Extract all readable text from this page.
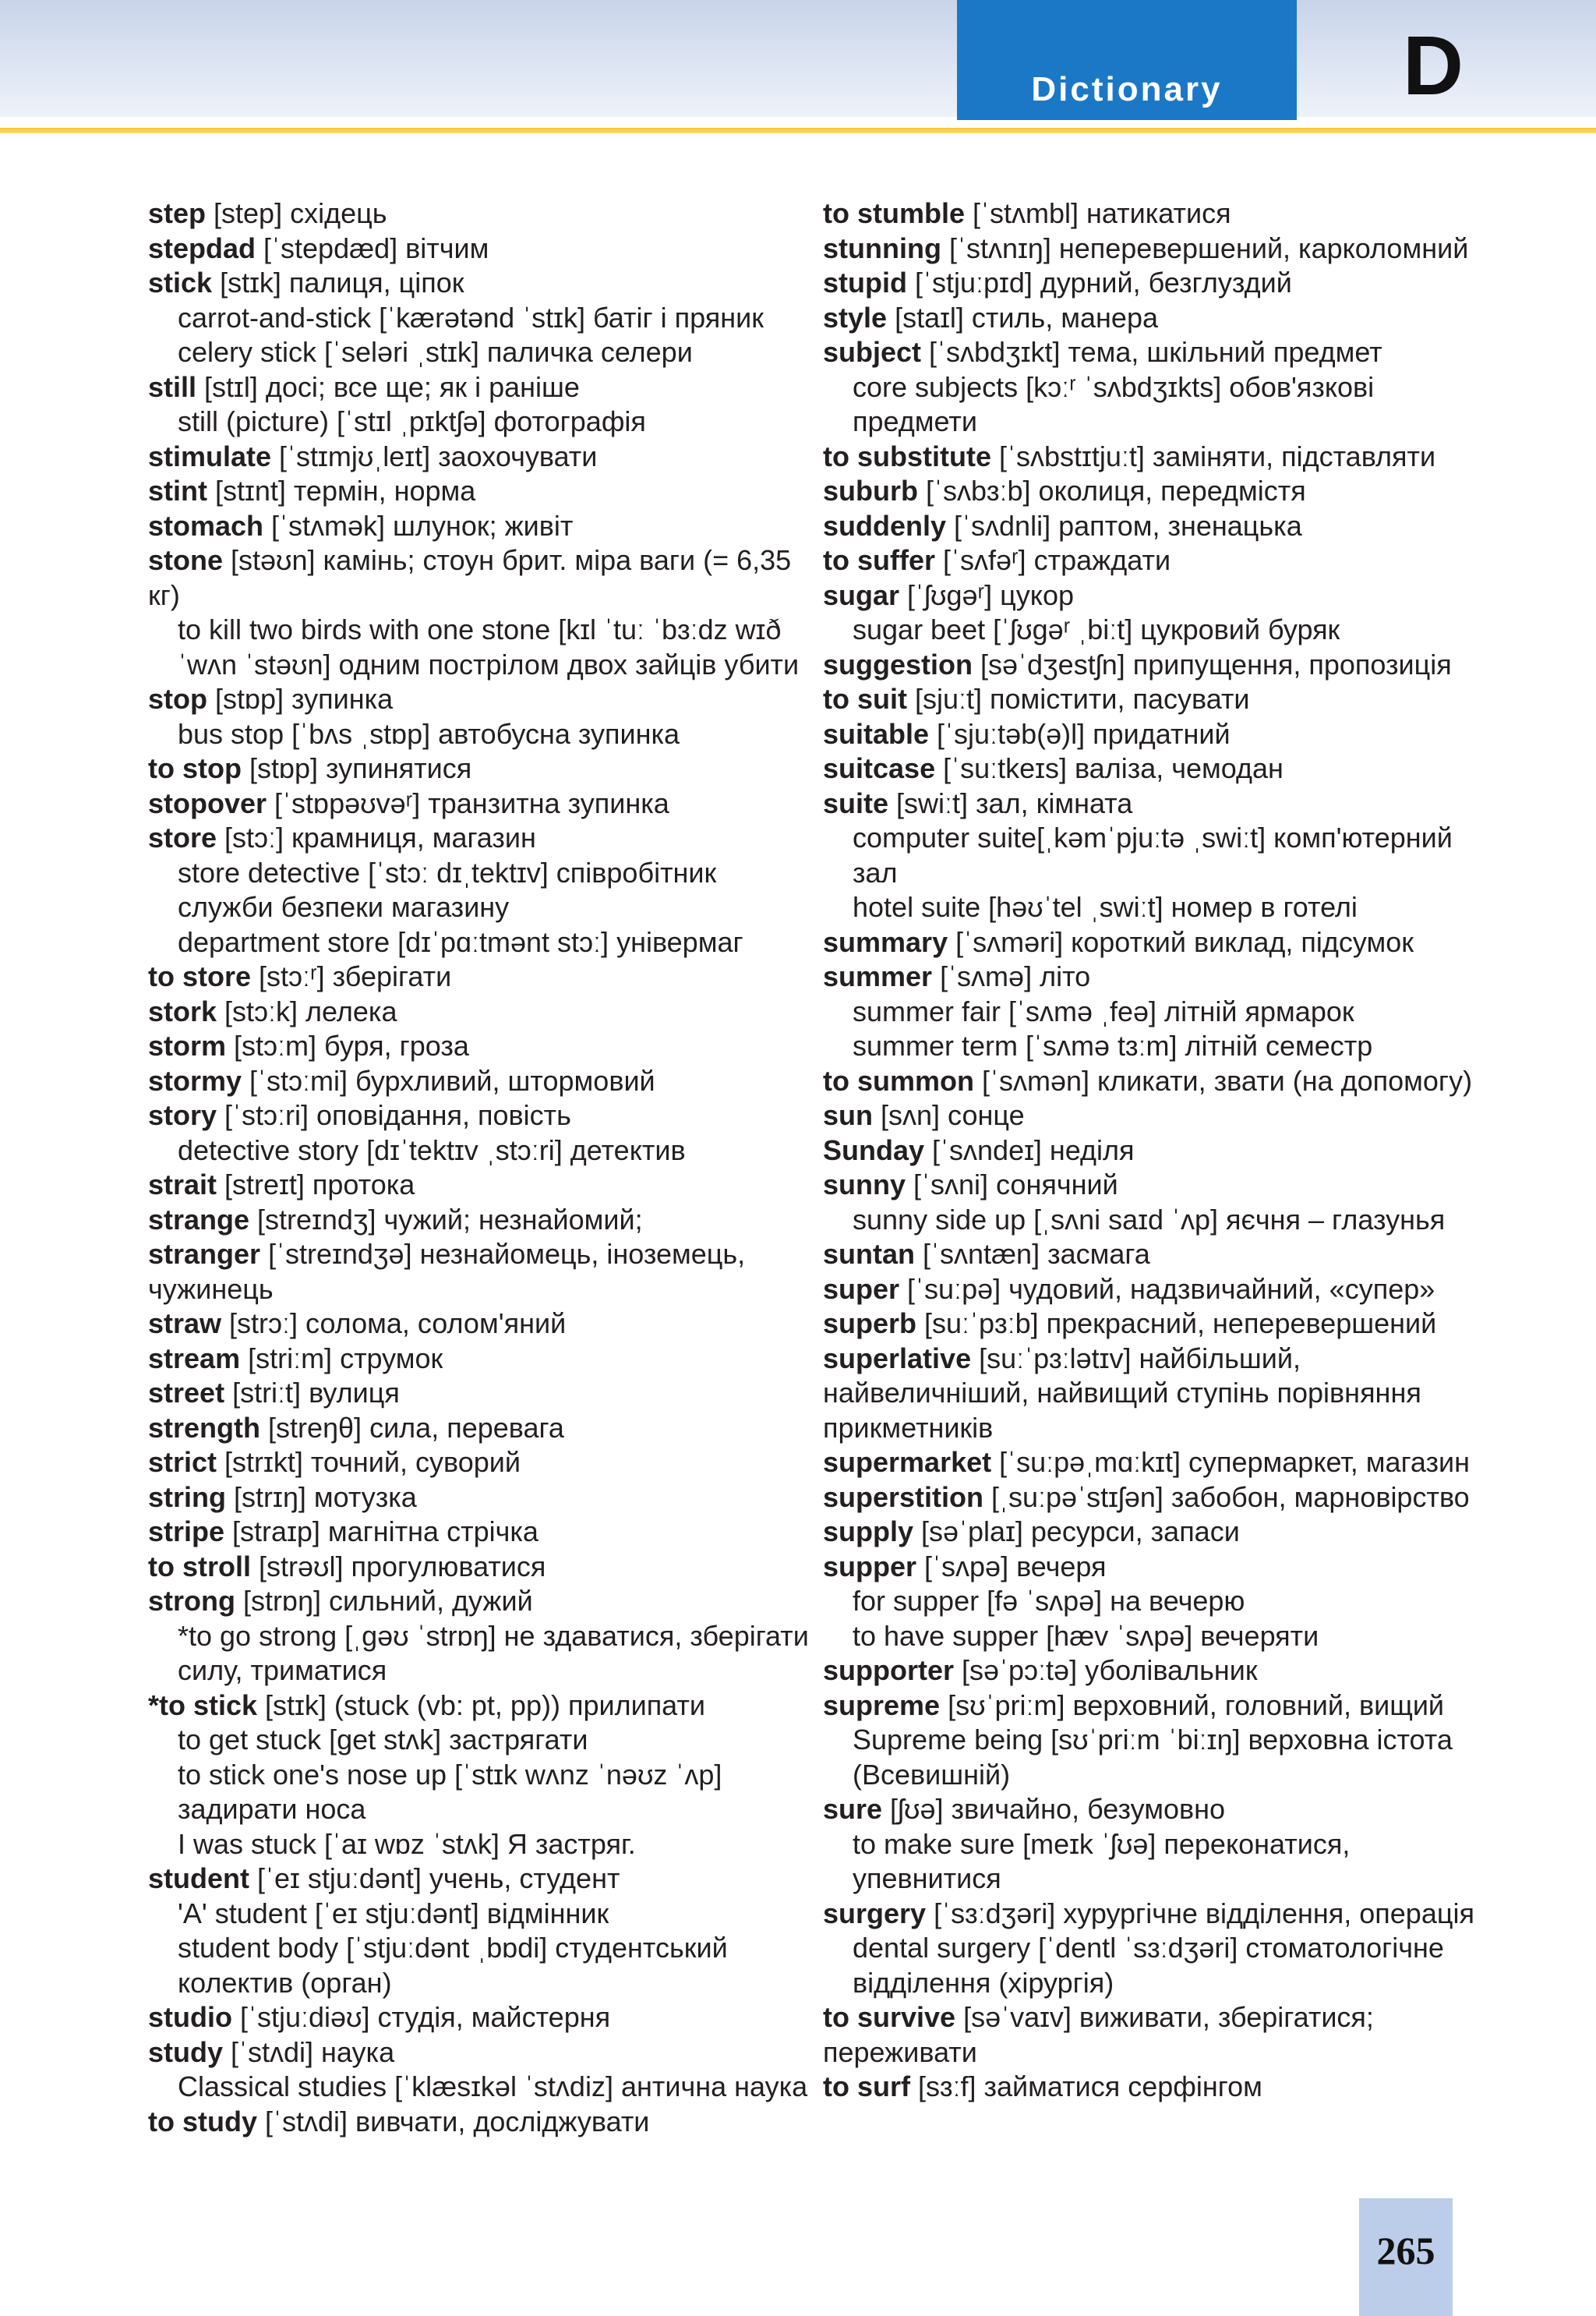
Dictionary D
step [step] східець
stepdad [ˈstepdæd] вітчим
stick [stɪk] палиця, ціпок
carrot-and-stick [ˈkærətənd ˈstɪk] батіг і пряник
celery stick [ˈseləri ˌstɪk] паличка селери
still [stɪl] досі; все ще; як і раніше
still (picture) [ˈstɪl ˌpɪktʃə] фотографія
stimulate [ˈstɪmjʊˌleɪt] заохочувати
stint [stɪnt] термін, норма
stomach [ˈstʌmək] шлунок; живіт
stone [stəʊn] камінь; стоун брит. міра ваги (= 6,35
кг)
to kill two birds with one stone [kɪl ˈtuː ˈbɜːdz wɪð
ˈwʌn ˈstəʊn] одним пострілом двох зайців убити
stop [stɒp] зупинка
bus stop [ˈbʌs ˌstɒp] автобусна зупинка
to stop [stɒp] зупинятися
stopover [ˈstɒpəʊvəʳ] транзитна зупинка
store [stɔː] крамниця, магазин
store detective [ˈstɔː dɪˌtektɪv] співробітник
служби безпеки магазину
department store [dɪˈpɑːtmənt stɔː] універмаг
to store [stɔːʳ] зберігати
stork [stɔːk] лелека
storm [stɔːm] буря, гроза
stormy [ˈstɔːmi] бурхливий, штормовий
story [ˈstɔːri] оповідання, повість
detective story [dɪˈtektɪv ˌstɔːri] детектив
strait [streɪt] протока
strange [streɪndʒ] чужий; незнайомий;
stranger [ˈstreɪndʒə] незнайомець, іноземець,
чужинець
straw [strɔː] солома, солом'яний
stream [striːm] струмок
street [striːt] вулиця
strength [streŋθ] сила, перевага
strict [strɪkt] точний, суворий
string [strɪŋ] мотузка
stripe [straɪp] магнітна стрічка
to stroll [strəʊl] прогулюватися
strong [strɒŋ] сильний, дужий
*to go strong [ˌgəʊ ˈstrɒŋ] не здаватися, зберігати
силу, триматися
*to stick [stɪk] (stuck (vb: pt, pp)) прилипати
to get stuck [get stʌk] застрягати
to stick one's nose up [ˈstɪk wʌnz ˈnəʊz ˈʌp]
задирати носа
I was stuck [ˈaɪ wɒz ˈstʌk] Я застряг.
student [ˈeɪ stjuːdənt] учень, студент
'A' student [ˈeɪ stjuːdənt] відмінник
student body [ˈstjuːdənt ˌbɒdi] студентський
колектив (орган)
studio [ˈstjuːdiəʊ] студія, майстерня
study [ˈstʌdi] наука
Classical studies [ˈklæsɪkəl ˈstʌdiz] антична наука
to study [ˈstʌdi] вивчати, досліджувати
to stumble [ˈstʌmbl] натикатися
stunning [ˈstʌnɪŋ] неперевершений, карколомний
stupid [ˈstjuːpɪd] дурний, безглуздий
style [staɪl] стиль, манера
subject [ˈsʌbdʒɪkt] тема, шкільний предмет
core subjects [kɔːʳ ˈsʌbdʒɪkts] обов'язкові
предмети
to substitute [ˈsʌbstɪtjuːt] заміняти, підставляти
suburb [ˈsʌbɜːb] околиця, передмістя
suddenly [ˈsʌdnli] раптом, зненацька
to suffer [ˈsʌfəʳ] страждати
sugar [ˈʃʊgəʳ] цукор
sugar beet [ˈʃʊgəʳ ˌbiːt] цукровий буряк
suggestion [səˈdʒestʃn] припущення, пропозиція
to suit [sjuːt] помістити, пасувати
suitable [ˈsjuːtəb(ə)l] придатний
suitcase [ˈsuːtkeɪs] валіза, чемодан
suite [swiːt] зал, кімната
computer suite[ˌkəmˈpjuːtə ˌswiːt] комп'ютерний
зал
hotel suite [həʊˈtel ˌswiːt] номер в готелі
summary [ˈsʌməri] короткий виклад, підсумок
summer [ˈsʌmə] літо
summer fair [ˈsʌmə ˌfeə] літній ярмарок
summer term [ˈsʌmə tɜːm] літній семестр
to summon [ˈsʌmən] кликати, звати (на допомогу)
sun [sʌn] сонце
Sunday [ˈsʌndeɪ] неділя
sunny [ˈsʌni] сонячний
sunny side up [ˌsʌni saɪd ˈʌp] яєчня – глазунья
suntan [ˈsʌntæn] засмага
super [ˈsuːpə] чудовий, надзвичайний, «супер»
superb [suːˈpɜːb] прекрасний, неперевершений
superlative [suːˈpɜːlətɪv] найбільший,
найвеличніший, найвищий ступінь порівняння
прикметників
supermarket [ˈsuːpəˌmɑːkɪt] супермаркет, магазин
superstition [ˌsuːpəˈstɪʃən] забобон, марновірство
supply [səˈplaɪ] ресурси, запаси
supper [ˈsʌpə] вечеря
for supper [fə ˈsʌpə] на вечерю
to have supper [hæv ˈsʌpə] вечеряти
supporter [səˈpɔːtə] уболівальник
supreme [sʊˈpriːm] верховний, головний, вищий
Supreme being [sʊˈpriːm ˈbiːɪŋ] верховна істота
(Всевишній)
sure [ʃʊə] звичайно, безумовно
to make sure [meɪk ˈʃʊə] переконатися,
упевнитися
surgery [ˈsɜːdʒəri] хурургічне відділення, операція
dental surgery [ˈdentl ˈsɜːdʒəri] стоматологічне
відділення (хірургія)
to survive [səˈvaɪv] виживати, зберігатися;
переживати
to surf [sɜːf] займатися серфінгом
265
